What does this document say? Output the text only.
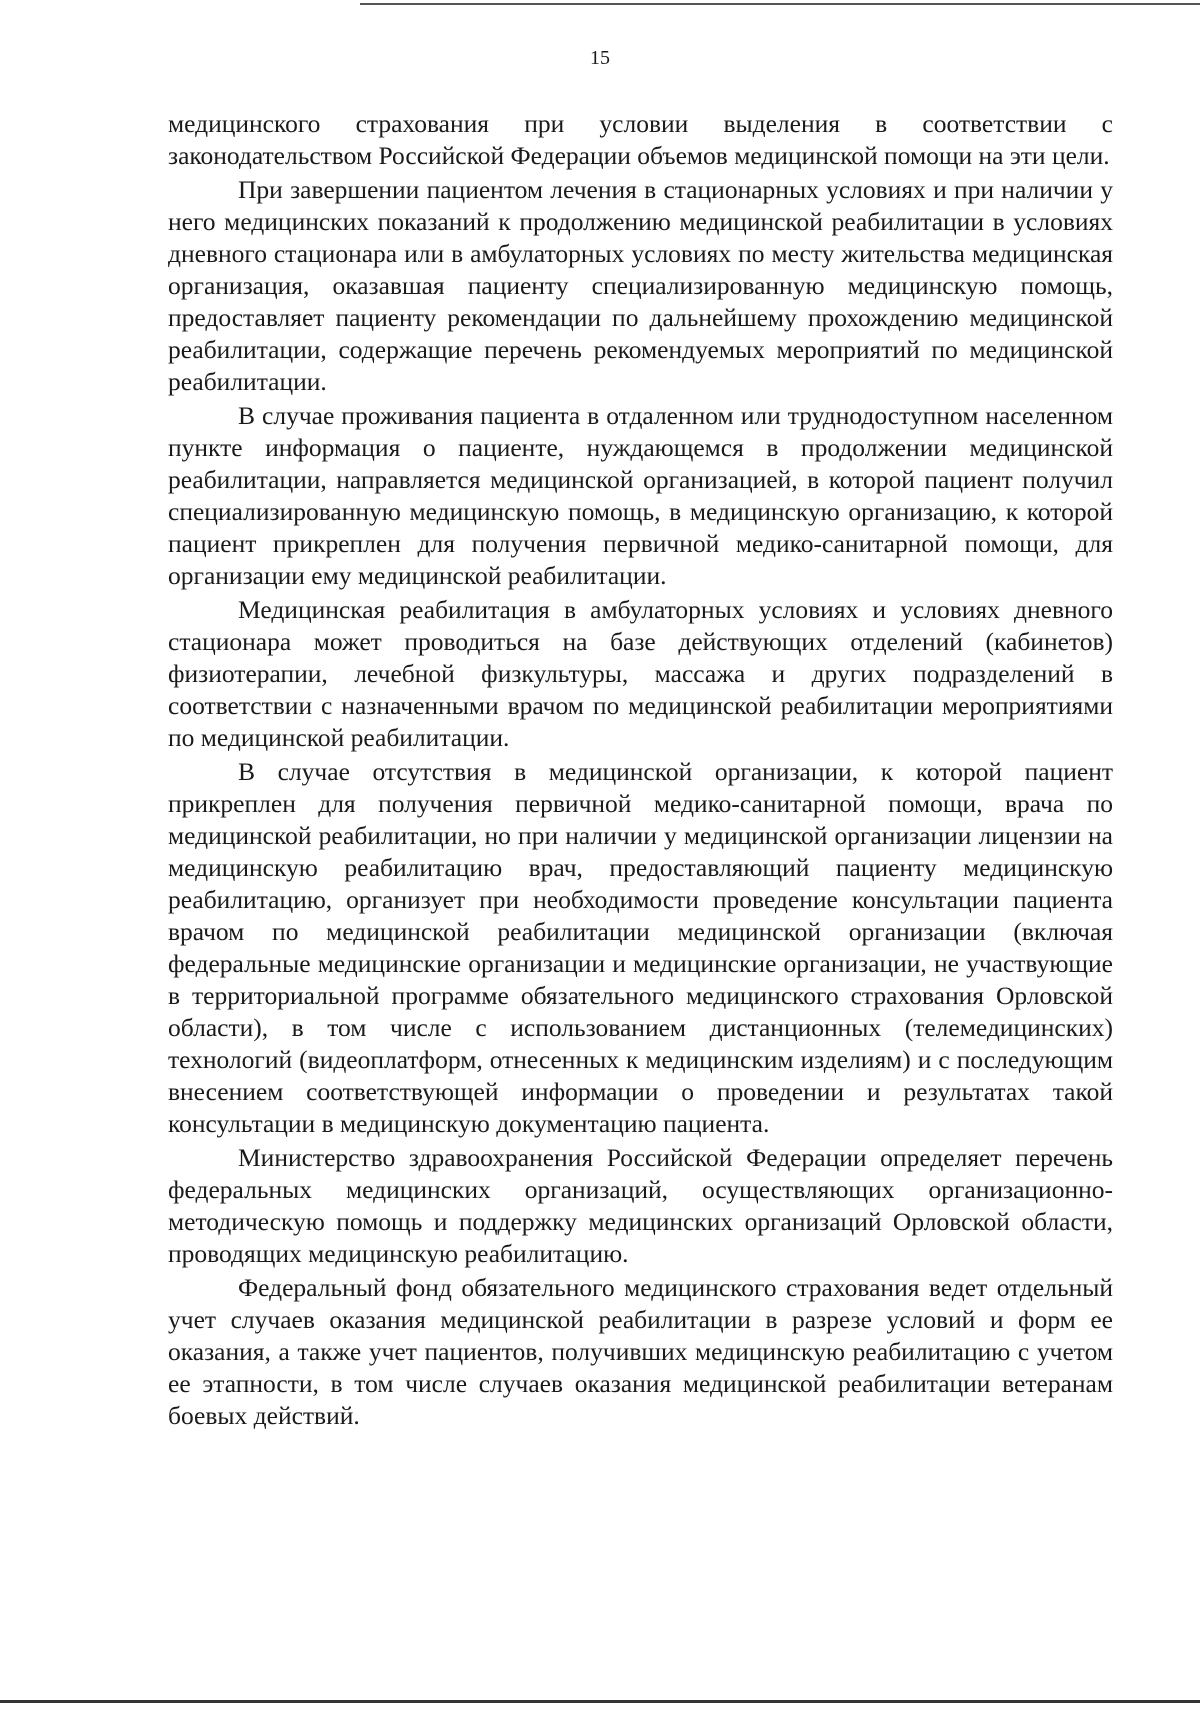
15

медицинского страхования при условии выделения в соответствии с законодательством Российской Федерации объемов медицинской помощи на эти цели.

При завершении пациентом лечения в стационарных условиях и при наличии у него медицинских показаний к продолжению медицинской реабилитации в условиях дневного стационара или в амбулаторных условиях по месту жительства медицинская организация, оказавшая пациенту специализированную медицинскую помощь, предоставляет пациенту рекомендации по дальнейшему прохождению медицинской реабилитации, содержащие перечень рекомендуемых мероприятий по медицинской реабилитации.

В случае проживания пациента в отдаленном или труднодоступном населенном пункте информация о пациенте, нуждающемся в продолжении медицинской реабилитации, направляется медицинской организацией, в которой пациент получил специализированную медицинскую помощь, в медицинскую организацию, к которой пациент прикреплен для получения первичной медико-санитарной помощи, для организации ему медицинской реабилитации.

Медицинская реабилитация в амбулаторных условиях и условиях дневного стационара может проводиться на базе действующих отделений (кабинетов) физиотерапии, лечебной физкультуры, массажа и других подразделений в соответствии с назначенными врачом по медицинской реабилитации мероприятиями по медицинской реабилитации.

В случае отсутствия в медицинской организации, к которой пациент прикреплен для получения первичной медико-санитарной помощи, врача по медицинской реабилитации, но при наличии у медицинской организации лицензии на медицинскую реабилитацию врач, предоставляющий пациенту медицинскую реабилитацию, организует при необходимости проведение консультации пациента врачом по медицинской реабилитации медицинской организации (включая федеральные медицинские организации и медицинские организации, не участвующие в территориальной программе обязательного медицинского страхования Орловской области), в том числе с использованием дистанционных (телемедицинских) технологий (видеоплатформ, отнесенных к медицинским изделиям) и с последующим внесением соответствующей информации о проведении и результатах такой консультации в медицинскую документацию пациента.

Министерство здравоохранения Российской Федерации определяет перечень федеральных медицинских организаций, осуществляющих организационно-методическую помощь и поддержку медицинских организаций Орловской области, проводящих медицинскую реабилитацию.

Федеральный фонд обязательного медицинского страхования ведет отдельный учет случаев оказания медицинской реабилитации в разрезе условий и форм ее оказания, а также учет пациентов, получивших медицинскую реабилитацию с учетом ее этапности, в том числе случаев оказания медицинской реабилитации ветеранам боевых действий.
